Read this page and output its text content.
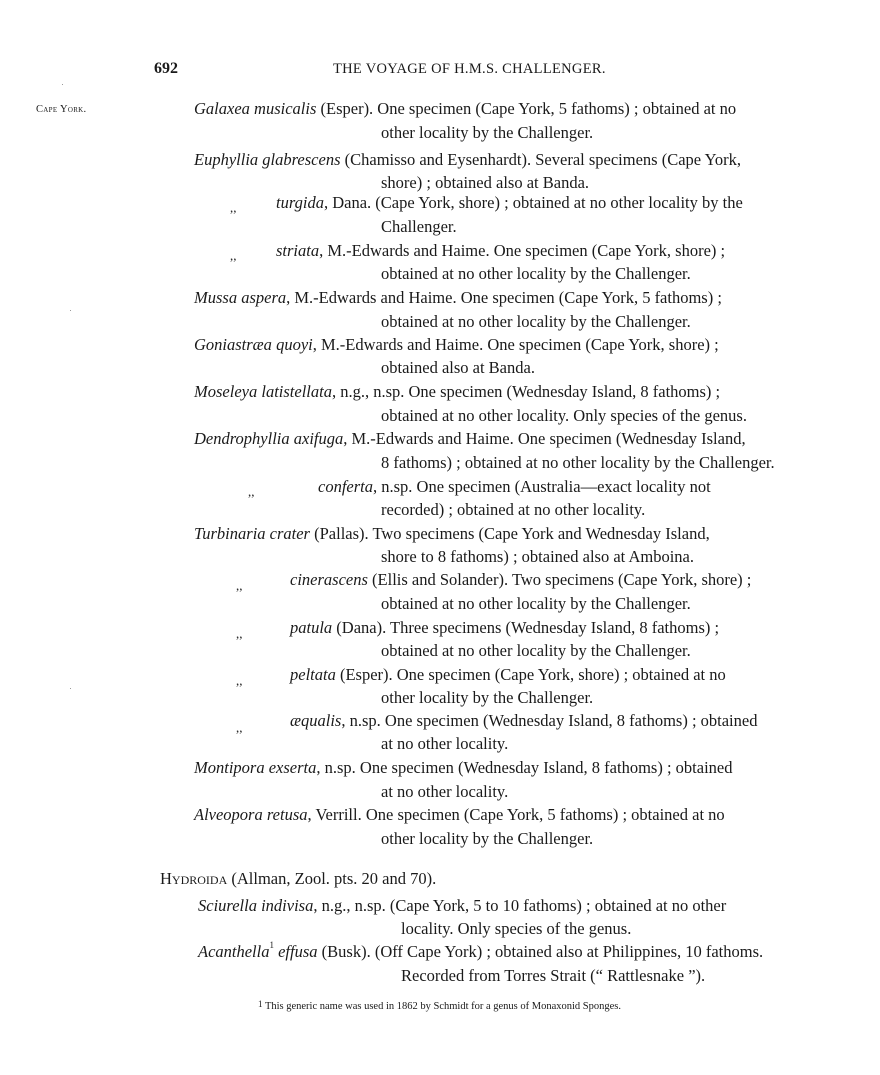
692	THE VOYAGE OF H.M.S. CHALLENGER.
Cape York.	Galaxea musicalis (Esper). One specimen (Cape York, 5 fathoms) ; obtained at no
other locality by the Challenger.
Euphyllia glabrescens (Chamisso and Eysenhardt). Several specimens (Cape York,
shore) ; obtained also at Banda.
,, turgida, Dana. (Cape York, shore) ; obtained at no other locality by the
Challenger.
,, striata, M.-Edwards and Haime. One specimen (Cape York, shore) ;
obtained at no other locality by the Challenger.
Mussa aspera, M.-Edwards and Haime. One specimen (Cape York, 5 fathoms) ;
obtained at no other locality by the Challenger.
Goniastræa quoyi, M.-Edwards and Haime. One specimen (Cape York, shore) ;
obtained also at Banda.
Moseleya latistellata, n.g., n.sp. One specimen (Wednesday Island, 8 fathoms) ;
obtained at no other locality. Only species of the genus.
Dendrophyllia axifuga, M.-Edwards and Haime. One specimen (Wednesday Island,
8 fathoms) ; obtained at no other locality by the Challenger.
,,	conferta, n.sp. One specimen (Australia—exact locality not
recorded) ; obtained at no other locality.
Turbinaria crater (Pallas). Two specimens (Cape York and Wednesday Island,
shore to 8 fathoms) ; obtained also at Amboina.
,,	cinerascens (Ellis and Solander). Two specimens (Cape York, shore) ;
obtained at no other locality by the Challenger.
,,	patula (Dana). Three specimens (Wednesday Island, 8 fathoms) ;
obtained at no other locality by the Challenger.
,,	peltata (Esper). One specimen (Cape York, shore) ; obtained at no
other locality by the Challenger.
,,	æqualis, n.sp. One specimen (Wednesday Island, 8 fathoms) ; obtained
at no other locality.
Montipora exserta, n.sp. One specimen (Wednesday Island, 8 fathoms) ; obtained
at no other locality.
Alveopora retusa, Verrill. One specimen (Cape York, 5 fathoms) ; obtained at no
other locality by the Challenger.
Hydroida (Allman, Zool. pts. 20 and 70).
Sciurella indivisa, n.g., n.sp. (Cape York, 5 to 10 fathoms) ; obtained at no other
locality. Only species of the genus.
Acanthella$^1$ effusa (Busk). (Off Cape York) ; obtained also at Philippines, 10 fathoms.
Recorded from Torres Strait (“ Rattlesnake ”).
$^1$ This generic name was used in 1862 by Schmidt for a genus of Monaxonid Sponges.
